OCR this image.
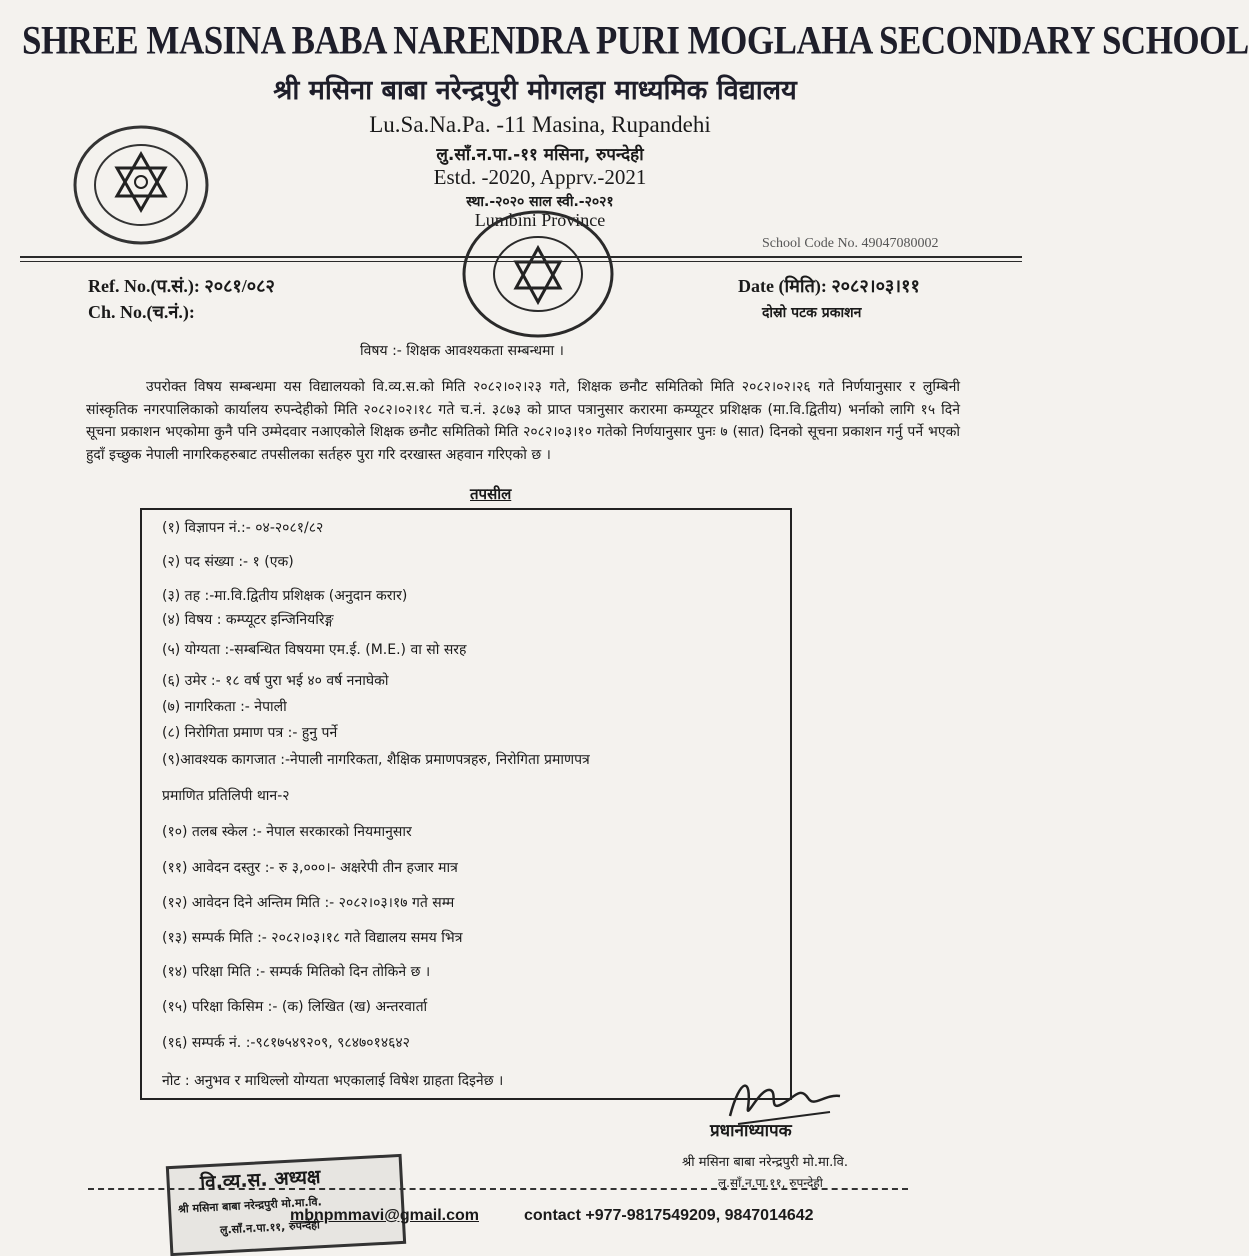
SHREE MASINA BABA NARENDRA PURI MOGLAHA SECONDARY SCHOOL
श्री मसिना बाबा नरेन्द्रपुरी मोगलहा माध्यमिक विद्यालय
Lu.Sa.Na.Pa. -11 Masina, Rupandehi
लु.साँ.न.पा.-११ मसिना, रुपन्देही
Estd. -2020, Apprv.-2021
स्था.-२०२० साल स्वी.-२०२१
Lumbini Province
School Code No. 49047080002
Ref. No.(प.सं.): २०८१/०८२
Ch. No.(च.नं.):
Date (मिति): २०८२।०३।११
दोस्रो पटक प्रकाशन
विषय :- शिक्षक आवश्यकता सम्बन्धमा ।
उपरोक्त विषय सम्बन्धमा यस विद्यालयको वि.व्य.स.को मिति २०८२।०२।२३ गते, शिक्षक छनौट समितिको मिति २०८२।०२।२६ गते निर्णयानुसार र लुम्बिनी सांस्कृतिक नगरपालिकाको कार्यालय रुपन्देहीको मिति २०८२।०२।१८ गते च.नं. ३८७३ को प्राप्त पत्रानुसार करारमा कम्प्यूटर प्रशिक्षक (मा.वि.द्वितीय) भर्नाको लागि १५ दिने सूचना प्रकाशन भएकोमा कुनै पनि उम्मेदवार नआएकोले शिक्षक छनौट समितिको मिति २०८२।०३।१० गतेको निर्णयानुसार पुनः ७ (सात) दिनको सूचना प्रकाशन गर्नु पर्ने भएको हुदाँ इच्छुक नेपाली नागरिकहरुबाट तपसीलका सर्तहरु पुरा गरि दरखास्त अहवान गरिएको छ ।
तपसील
(१) विज्ञापन नं.:- ०४-२०८१/८२
(२) पद संख्या :- १ (एक)
(३) तह :-मा.वि.द्वितीय प्रशिक्षक (अनुदान करार)
(४) विषय : कम्प्यूटर इन्जिनियरिङ्ग
(५) योग्यता :-सम्बन्धित विषयमा एम.ई. (M.E.) वा सो सरह
(६) उमेर :- १८ वर्ष पुरा भई ४० वर्ष ननाघेको
(७) नागरिकता :- नेपाली
(८) निरोगिता प्रमाण पत्र :- हुनु पर्ने
(९)आवश्यक कागजात :-नेपाली नागरिकता, शैक्षिक प्रमाणपत्रहरु, निरोगिता प्रमाणपत्र
प्रमाणित प्रतिलिपी थान-२
(१०) तलब स्केल :- नेपाल सरकारको नियमानुसार
(११) आवेदन दस्तुर :- रु ३,०००।- अक्षरेपी तीन हजार मात्र
(१२) आवेदन दिने अन्तिम मिति :- २०८२।०३।१७ गते सम्म
(१३) सम्पर्क मिति :- २०८२।०३।१८ गते विद्यालय समय भित्र
(१४) परिक्षा मिति :- सम्पर्क मितिको दिन तोकिने छ ।
(१५) परिक्षा किसिम :- (क) लिखित (ख) अन्तरवार्ता
(१६) सम्पर्क नं. :-९८१७५४९२०९, ९८४७०१४६४२
नोट : अनुभव र माथिल्लो योग्यता भएकालाई विषेश ग्राहता दिइनेछ ।
प्रधानाध्यापक
श्री मसिना बाबा नरेन्द्रपुरी मो.मा.वि.
लु.साँ.न.पा.११, रुपन्देही
वि.व्य.स. अध्यक्ष
श्री मसिना बाबा नरेन्द्रपुरी मो.मा.वि.
लु.साँ.न.पा.११, रुपन्देही
mbnpmmavi@gmail.com	contact +977-9817549209, 9847014642
